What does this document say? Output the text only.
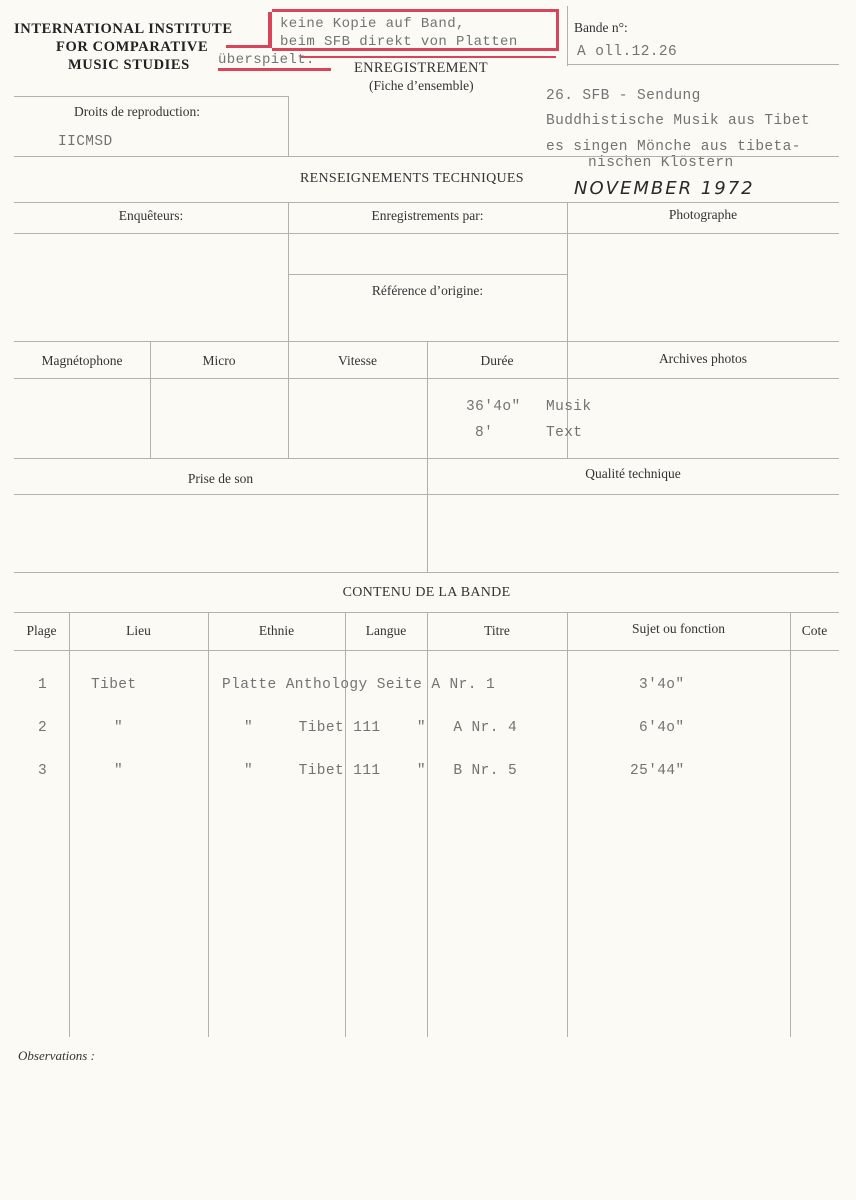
INTERNATIONAL INSTITUTE
FOR COMPARATIVE
MUSIC STUDIES
keine Kopie auf Band,
beim SFB direkt von Platten
überspielt.	ENREGISTREMENT
(Fiche d’ensemble)
Bande n°:
A oll.12.26
Droits de reproduction:
IICMSD
26. SFB - Sendung
Buddhistische Musik aus Tibet
es singen Mönche aus tibeta-
nischen Klöstern
NOVEMBER 1972
RENSEIGNEMENTS TECHNIQUES
Enquêteurs:	Enregistrements par:	Photographe
Référence d’origine:
Magnétophone	Micro	Vitesse	Durée	Archives photos
36'4o" Musik
8'	Text
Prise de son	Qualité technique
CONTENU DE LA BANDE
Plage	Lieu	Ethnie	Langue	Titre	Sujet ou fonction	Cote
1	Tibet	Platte Anthology Seite A Nr. 1	3'4o"
2	"	"     Tibet 111    "   A Nr. 4	6'4o"
3	"	"     Tibet 111    "   B Nr. 5	25'44"
Observations :
